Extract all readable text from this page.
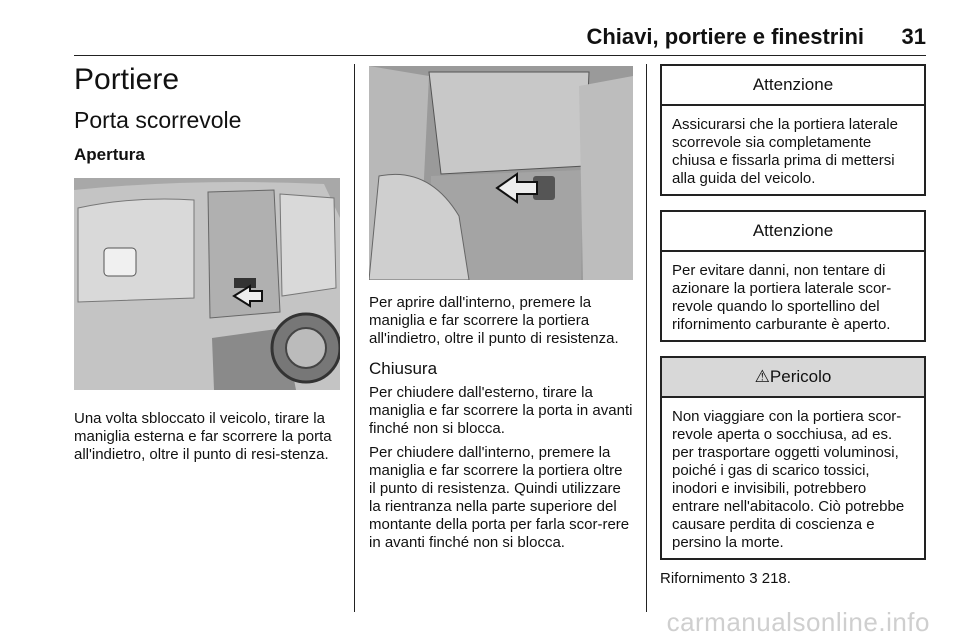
Chiavi, portiere e finestrini 31
Portiere
Porta scorrevole
Apertura

Una volta sbloccato il veicolo, tirare la maniglia esterna e far scorrere la porta all'indietro, oltre il punto di resi-stenza.

Per aprire dall'interno, premere la maniglia e far scorrere la portiera all'indietro, oltre il punto di resistenza.

Chiusura

Per chiudere dall'esterno, tirare la maniglia e far scorrere la porta in avanti finché non si blocca.

Per chiudere dall'interno, premere la maniglia e far scorrere la portiera oltre il punto di resistenza. Quindi utilizzare la rientranza nella parte superiore del montante della porta per farla scor-rere in avanti finché non si blocca.

Attenzione
Assicurarsi che la portiera laterale scorrevole sia completamente chiusa e fissarla prima di mettersi alla guida del veicolo.
Attenzione
Per evitare danni, non tentare di azionare la portiera laterale scor-revole quando lo sportellino del rifornimento carburante è aperto.
⚠Pericolo
Non viaggiare con la portiera scor-revole aperta o socchiusa, ad es. per trasportare oggetti voluminosi, poiché i gas di scarico tossici, inodori e invisibili, potrebbero entrare nell'abitacolo. Ciò potrebbe causare perdita di coscienza e persino la morte.

Rifornimento 3 218.

carmanualsonline.info
